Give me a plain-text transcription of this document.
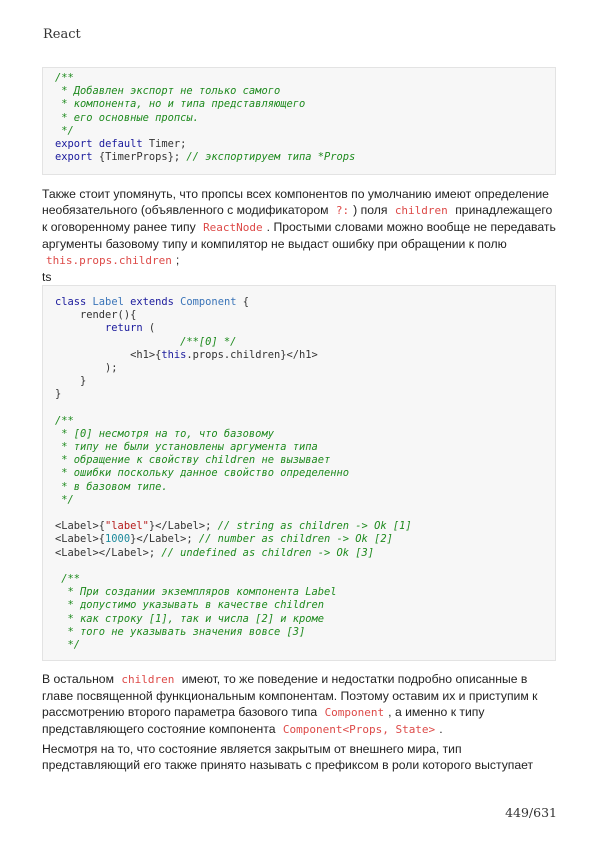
React
/**
* Добавлен экспорт не только самого
* компонента, но и типа представляющего
* его основные пропсы.
*/
export default Timer;
export {TimerProps}; // экспортируем типа *Props
Также стоит упомянуть, что пропсы всех компонентов по умолчанию имеют определение необязательного (объявленного с модификатором ?: ) поля children принадлежащего к оговоренному ранее типу ReactNode . Простыми словами можно вообще не передавать аргументы базовому типу и компилятор не выдаст ошибку при обращении к полю this.props.children ;
ts
class Label extends Component {
render(){
return (
/**[0] */
<h1>{this.props.children}</h1>
);
}
}
/**
* [0] несмотря на то, что базовому
* типу не были установлены аргумента типа
* обращение к свойству children не вызывает
* ошибки поскольку данное свойство определенно
* в базовом типе.
*/
<Label>{"label"}</Label>; // string as children -> Ok [1]
<Label>{1000}</Label>; // number as children -> Ok [2]
<Label></Label>; // undefined as children -> Ok [3]
/**
* При создании экземпляров компонента Label
* допустимо указывать в качестве children
* как строку [1], так и числа [2] и кроме
* того не указывать значения вовсе [3]
*/
В остальном children имеют, то же поведение и недостатки подробно описанные в главе посвященной функциональным компонентам. Поэтому оставим их и приступим к рассмотрению второго параметра базового типа Component , а именно к типу представляющего состояние компонента Component<Props, State> .
Несмотря на то, что состояние является закрытым от внешнего мира, тип представляющий его также принято называть с префиксом в роли которого выступает
449/631
